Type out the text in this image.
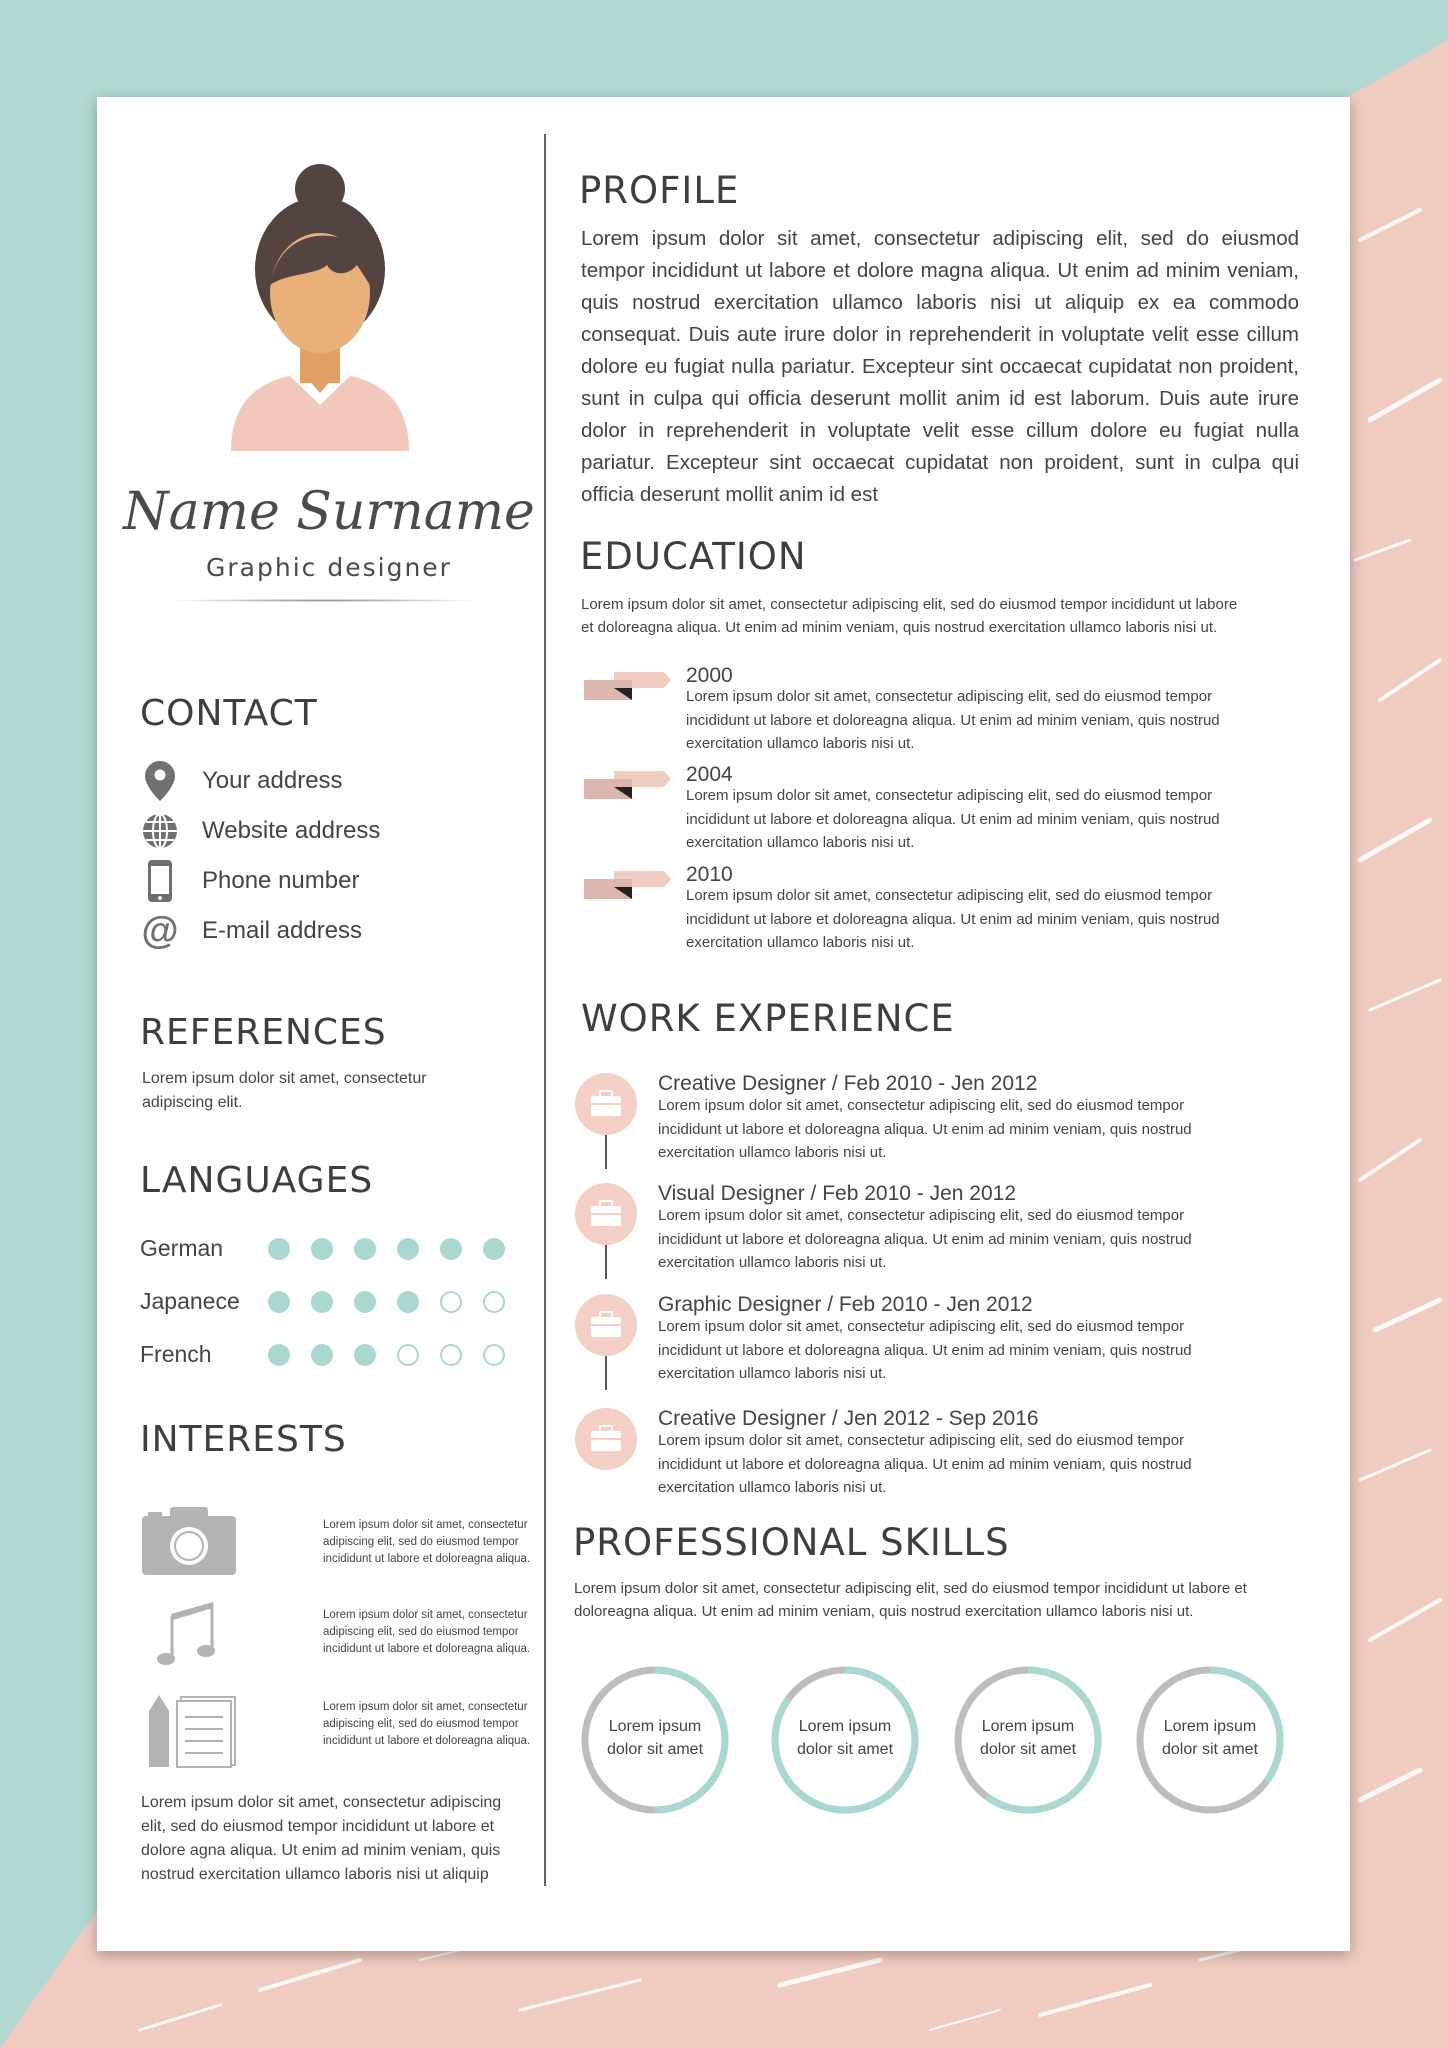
Name Surname
Graphic designer
CONTACT
Your address
Website address
Phone number
@ E-mail address
REFERENCES
Lorem ipsum dolor sit amet, consectetur adipiscing elit.
LANGUAGES
German
Japanece
French
INTERESTS
Lorem ipsum dolor sit amet, consectetur adipiscing elit, sed do eiusmod tempor incididunt ut labore et doloreagna aliqua.
Lorem ipsum dolor sit amet, consectetur adipiscing elit, sed do eiusmod tempor incididunt ut labore et doloreagna aliqua.
Lorem ipsum dolor sit amet, consectetur adipiscing elit, sed do eiusmod tempor incididunt ut labore et doloreagna aliqua.
Lorem ipsum dolor sit amet, consectetur adipiscing elit, sed do eiusmod tempor incididunt ut labore et dolore agna aliqua. Ut enim ad minim veniam, quis nostrud exercitation ullamco laboris nisi ut aliquip
PROFILE
Lorem ipsum dolor sit amet, consectetur adipiscing elit, sed do eiusmod tempor incididunt ut labore et dolore magna aliqua. Ut enim ad minim veniam, quis nostrud exercitation ullamco laboris nisi ut aliquip ex ea commodo consequat. Duis aute irure dolor in reprehenderit in voluptate velit esse cillum dolore eu fugiat nulla pariatur. Excepteur sint occaecat cupidatat non proident, sunt in culpa qui officia deserunt mollit anim id est laborum. Duis aute irure dolor in reprehenderit in voluptate velit esse cillum dolore eu fugiat nulla pariatur. Excepteur sint occaecat cupidatat non proident, sunt in culpa qui officia deserunt mollit anim id est
EDUCATION
Lorem ipsum dolor sit amet, consectetur adipiscing elit, sed do eiusmod tempor incididunt ut labore et doloreagna aliqua. Ut enim ad minim veniam, quis nostrud exercitation ullamco laboris nisi ut.
2000
Lorem ipsum dolor sit amet, consectetur adipiscing elit, sed do eiusmod tempor incididunt ut labore et doloreagna aliqua. Ut enim ad minim veniam, quis nostrud exercitation ullamco laboris nisi ut.
2004
Lorem ipsum dolor sit amet, consectetur adipiscing elit, sed do eiusmod tempor incididunt ut labore et doloreagna aliqua. Ut enim ad minim veniam, quis nostrud exercitation ullamco laboris nisi ut.
2010
Lorem ipsum dolor sit amet, consectetur adipiscing elit, sed do eiusmod tempor incididunt ut labore et doloreagna aliqua. Ut enim ad minim veniam, quis nostrud exercitation ullamco laboris nisi ut.
WORK EXPERIENCE
Creative Designer / Feb 2010 - Jen 2012
Lorem ipsum dolor sit amet, consectetur adipiscing elit, sed do eiusmod tempor incididunt ut labore et doloreagna aliqua. Ut enim ad minim veniam, quis nostrud exercitation ullamco laboris nisi ut.
Visual Designer / Feb 2010 - Jen 2012
Lorem ipsum dolor sit amet, consectetur adipiscing elit, sed do eiusmod tempor incididunt ut labore et doloreagna aliqua. Ut enim ad minim veniam, quis nostrud exercitation ullamco laboris nisi ut.
Graphic Designer / Feb 2010 - Jen 2012
Lorem ipsum dolor sit amet, consectetur adipiscing elit, sed do eiusmod tempor incididunt ut labore et doloreagna aliqua. Ut enim ad minim veniam, quis nostrud exercitation ullamco laboris nisi ut.
Creative Designer / Jen 2012 - Sep 2016
Lorem ipsum dolor sit amet, consectetur adipiscing elit, sed do eiusmod tempor incididunt ut labore et doloreagna aliqua. Ut enim ad minim veniam, quis nostrud exercitation ullamco laboris nisi ut.
PROFESSIONAL SKILLS
Lorem ipsum dolor sit amet, consectetur adipiscing elit, sed do eiusmod tempor incididunt ut labore et doloreagna aliqua. Ut enim ad minim veniam, quis nostrud exercitation ullamco laboris nisi ut.
Lorem ipsum
dolor sit amet
Lorem ipsum
dolor sit amet
Lorem ipsum
dolor sit amet
Lorem ipsum
dolor sit amet
